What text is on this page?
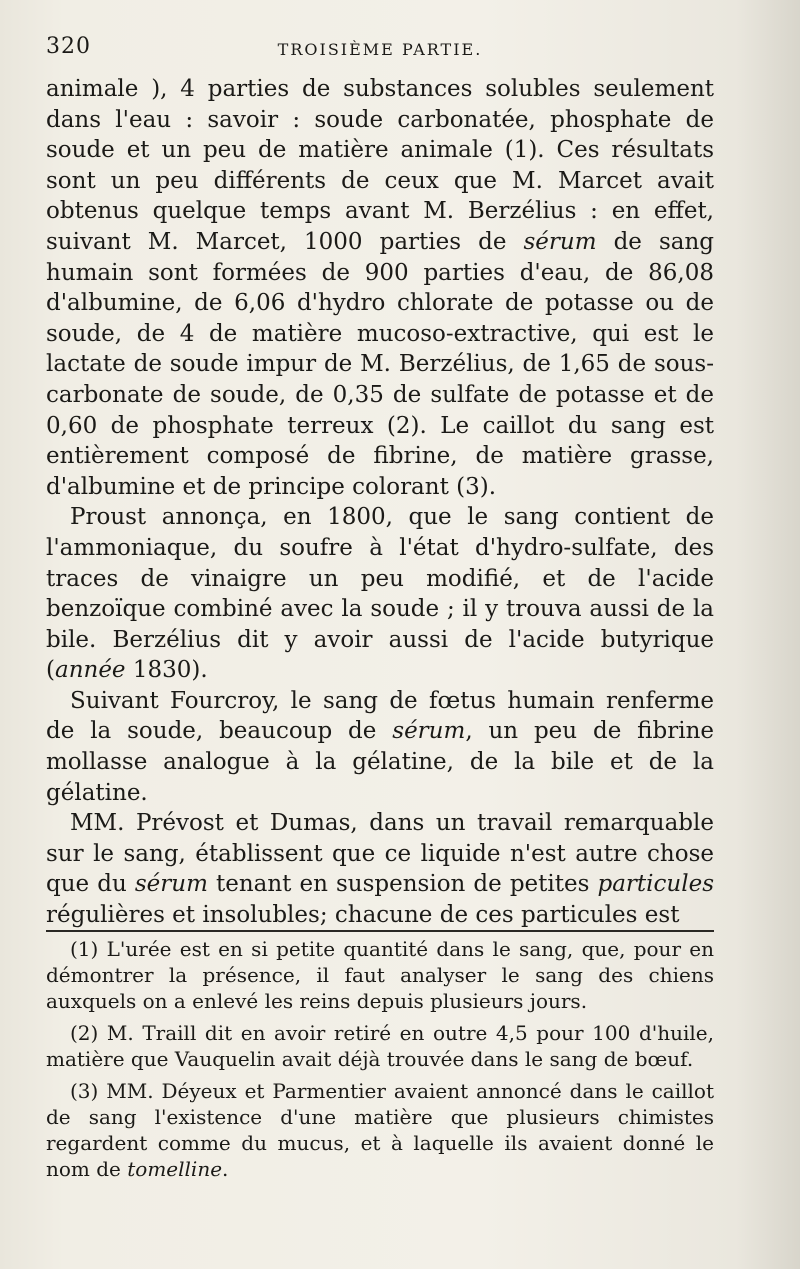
320	TROISIÈME PARTIE.

animale ), 4 parties de substances solubles seulement dans l'eau : savoir : soude carbonatée, phosphate de soude et un peu de matière animale (1). Ces résultats sont un peu différents de ceux que M. Marcet avait obtenus quelque temps avant M. Berzélius : en effet, suivant M. Marcet, 1000 parties de sérum de sang humain sont formées de 900 parties d'eau, de 86,08 d'albumine, de 6,06 d'hydro chlorate de potasse ou de soude, de 4 de matière mucoso-extractive, qui est le lactate de soude impur de M. Berzélius, de 1,65 de sous-carbonate de soude, de 0,35 de sulfate de potasse et de 0,60 de phosphate terreux (2). Le caillot du sang est entièrement composé de fibrine, de matière grasse, d'albumine et de principe colorant (3).

Proust annonça, en 1800, que le sang contient de l'ammoniaque, du soufre à l'état d'hydro-sulfate, des traces de vinaigre un peu modifié, et de l'acide benzoïque combiné avec la soude ; il y trouva aussi de la bile. Berzélius dit y avoir aussi de l'acide butyrique (année 1830).

Suivant Fourcroy, le sang de fœtus humain renferme de la soude, beaucoup de sérum, un peu de fibrine mollasse analogue à la gélatine, de la bile et de la gélatine.

MM. Prévost et Dumas, dans un travail remarquable sur le sang, établissent que ce liquide n'est autre chose que du sérum tenant en suspension de petites particules régulières et insolubles; chacune de ces particules est

(1) L'urée est en si petite quantité dans le sang, que, pour en démontrer la présence, il faut analyser le sang des chiens auxquels on a enlevé les reins depuis plusieurs jours.

(2) M. Traill dit en avoir retiré en outre 4,5 pour 100 d'huile, matière que Vauquelin avait déjà trouvée dans le sang de bœuf.

(3) MM. Déyeux et Parmentier avaient annoncé dans le caillot de sang l'existence d'une matière que plusieurs chimistes regardent comme du mucus, et à laquelle ils avaient donné le nom de tomelline.
